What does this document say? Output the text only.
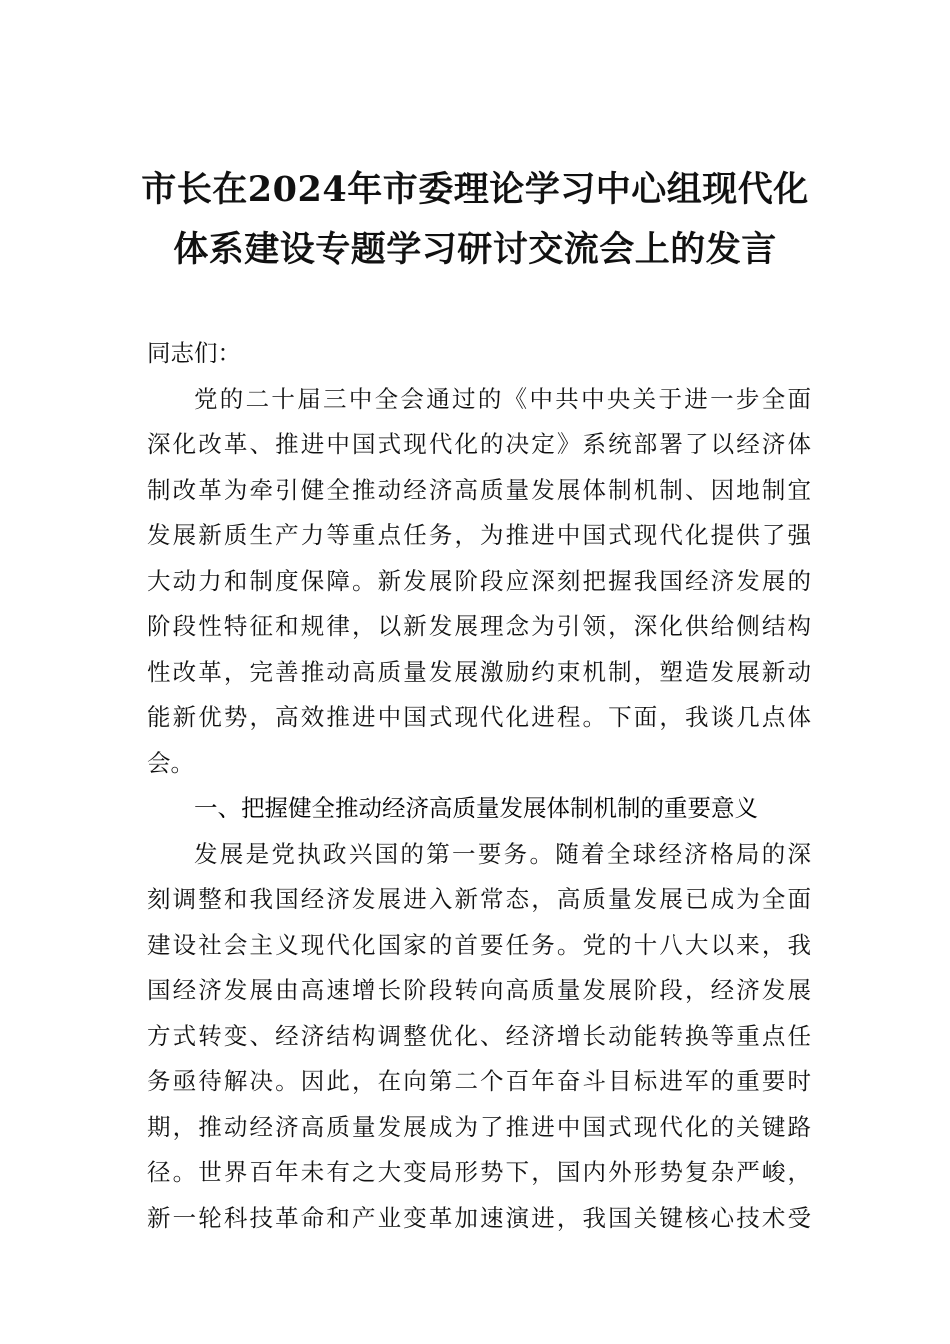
市长在2024年市委理论学习中心组现代化
体系建设专题学习研讨交流会上的发言
同志们：
党的二十届三中全会通过的《中共中央关于进一步全面
深化改革、推进中国式现代化的决定》系统部署了以经济体
制改革为牵引健全推动经济高质量发展体制机制、因地制宜
发展新质生产力等重点任务，为推进中国式现代化提供了强
大动力和制度保障。新发展阶段应深刻把握我国经济发展的
阶段性特征和规律，以新发展理念为引领，深化供给侧结构
性改革，完善推动高质量发展激励约束机制，塑造发展新动
能新优势，高效推进中国式现代化进程。下面，我谈几点体
会。
一、把握健全推动经济高质量发展体制机制的重要意义
发展是党执政兴国的第一要务。随着全球经济格局的深
刻调整和我国经济发展进入新常态，高质量发展已成为全面
建设社会主义现代化国家的首要任务。党的十八大以来，我
国经济发展由高速增长阶段转向高质量发展阶段，经济发展
方式转变、经济结构调整优化、经济增长动能转换等重点任
务亟待解决。因此，在向第二个百年奋斗目标进军的重要时
期，推动经济高质量发展成为了推进中国式现代化的关键路
径。世界百年未有之大变局形势下，国内外形势复杂严峻，
新一轮科技革命和产业变革加速演进，我国关键核心技术受
